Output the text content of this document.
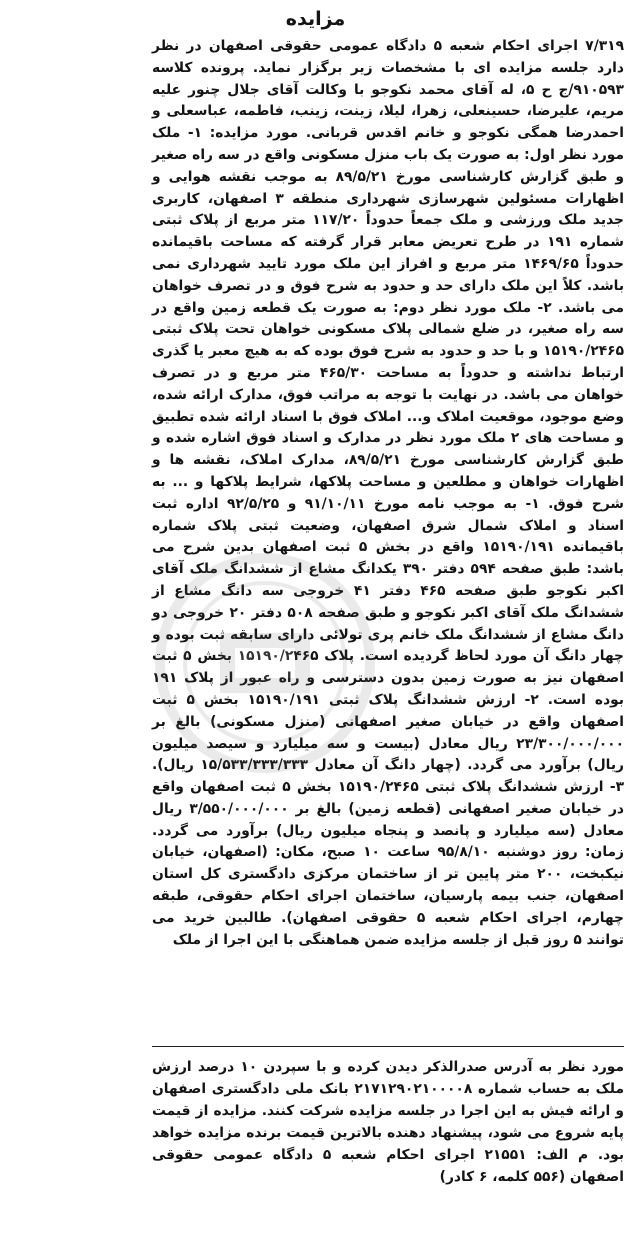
مزایده
۷/۳۱۹ اجرای احکام شعبه ۵ دادگاه عمومی حقوقی اصفهان در نظر دارد جلسه مزایده ای با مشخصات زیر برگزار نماید. پرونده کلاسه ۹۱۰۵۹۳/ج ح ۵، له آقای محمد نکوجو با وکالت آقای جلال چنور علیه مریم، علیرضا، حسینعلی، زهرا، لیلا، زینت، زینب، فاطمه، عباسعلی و احمدرضا همگی نکوجو و خانم اقدس قربانی. مورد مزایده: ۱- ملک مورد نظر اول: به صورت یک باب منزل مسکونی واقع در سه راه صغیر و طبق گزارش کارشناسی مورخ ۸۹/۵/۲۱ به موجب نقشه هوایی و اظهارات مسئولین شهرسازی شهرداری منطقه ۳ اصفهان، کاربری جدید ملک ورزشی و ملک جمعاً حدوداً ۱۱۷/۲۰ متر مربع از پلاک ثبتی شماره ۱۹۱ در طرح تعریض معابر قرار گرفته که مساحت باقیمانده حدوداً ۱۴۶۹/۶۵ متر مربع و افراز این ملک مورد تایید شهرداری نمی باشد. کلاً این ملک دارای حد و حدود به شرح فوق و در تصرف خواهان می باشد. ۲- ملک مورد نظر دوم: به صورت یک قطعه زمین واقع در سه راه صغیر، در ضلع شمالی پلاک مسکونی خواهان تحت پلاک ثبتی ۱۵۱۹۰/۲۴۶۵ و با حد و حدود به شرح فوق بوده که به هیچ معبر یا گذری ارتباط نداشته و حدوداً به مساحت ۴۶۵/۳۰ متر مربع و در تصرف خواهان می باشد. در نهایت با توجه به مراتب فوق، مدارک ارائه شده، وضع موجود، موقعیت املاک و... املاک فوق با اسناد ارائه شده تطبیق و مساحت های ۲ ملک مورد نظر در مدارک و اسناد فوق اشاره شده و طبق گزارش کارشناسی مورخ ۸۹/۵/۲۱، مدارک املاک، نقشه ها و اظهارات خواهان و مطلعین و مساحت پلاکها، شرایط پلاکها و ... به شرح فوق. ۱- به موجب نامه مورخ ۹۱/۱۰/۱۱ و ۹۲/۵/۲۵ اداره ثبت اسناد و املاک شمال شرق اصفهان، وضعیت ثبتی پلاک شماره باقیمانده ۱۵۱۹۰/۱۹۱ واقع در بخش ۵ ثبت اصفهان بدین شرح می باشد: طبق صفحه ۵۹۴ دفتر ۳۹۰ یکدانگ مشاع از ششدانگ ملک آقای اکبر نکوجو طبق صفحه ۴۶۵ دفتر ۴۱ خروجی سه دانگ مشاع از ششدانگ ملک آقای اکبر نکوجو و طبق صفحه ۵۰۸ دفتر ۲۰ خروجی دو دانگ مشاع از ششدانگ ملک خانم پری تولائی دارای سابقه ثبت بوده و چهار دانگ آن مورد لحاظ گردیده است. پلاک ۱۵۱۹۰/۲۴۶۵ بخش ۵ ثبت اصفهان نیز به صورت زمین بدون دسترسی و راه عبور از پلاک ۱۹۱ بوده است. ۲- ارزش ششدانگ پلاک ثبتی ۱۵۱۹۰/۱۹۱ بخش ۵ ثبت اصفهان واقع در خیابان صغیر اصفهانی (منزل مسکونی) بالغ بر ۲۳/۳۰۰/۰۰۰/۰۰۰ ریال معادل (بیست و سه میلیارد و سیصد میلیون ریال) برآورد می گردد. (چهار دانگ آن معادل ۱۵/۵۳۳/۳۳۳/۳۳۳ ریال). ۳- ارزش ششدانگ پلاک ثبتی ۱۵۱۹۰/۲۴۶۵ بخش ۵ ثبت اصفهان واقع در خیابان صغیر اصفهانی (قطعه زمین) بالغ بر ۳/۵۵۰/۰۰۰/۰۰۰ ریال معادل (سه میلیارد و پانصد و پنجاه میلیون ریال) برآورد می گردد. زمان: روز دوشنبه ۹۵/۸/۱۰ ساعت ۱۰ صبح، مکان: (اصفهان، خیابان نیکبخت، ۲۰۰ متر پایین تر از ساختمان مرکزی دادگستری کل استان اصفهان، جنب بیمه پارسیان، ساختمان اجرای احکام حقوقی، طبقه چهارم، اجرای احکام شعبه ۵ حقوقی اصفهان). طالبین خرید می توانند ۵ روز قبل از جلسه مزایده ضمن هماهنگی با این اجرا از ملک
مورد نظر به آدرس صدرالذکر دیدن کرده و با سپردن ۱۰ درصد ارزش ملک به حساب شماره ۲۱۷۱۲۹۰۲۱۰۰۰۰۸ بانک ملی دادگستری اصفهان و ارائه فیش به این اجرا در جلسه مزایده شرکت کنند. مزایده از قیمت پایه شروع می شود، پیشنهاد دهنده بالاترین قیمت برنده مزایده خواهد بود. م الف: ۲۱۵۵۱ اجرای احکام شعبه ۵ دادگاه عمومی حقوقی اصفهان (۵۵۶ کلمه، ۶ کادر)
